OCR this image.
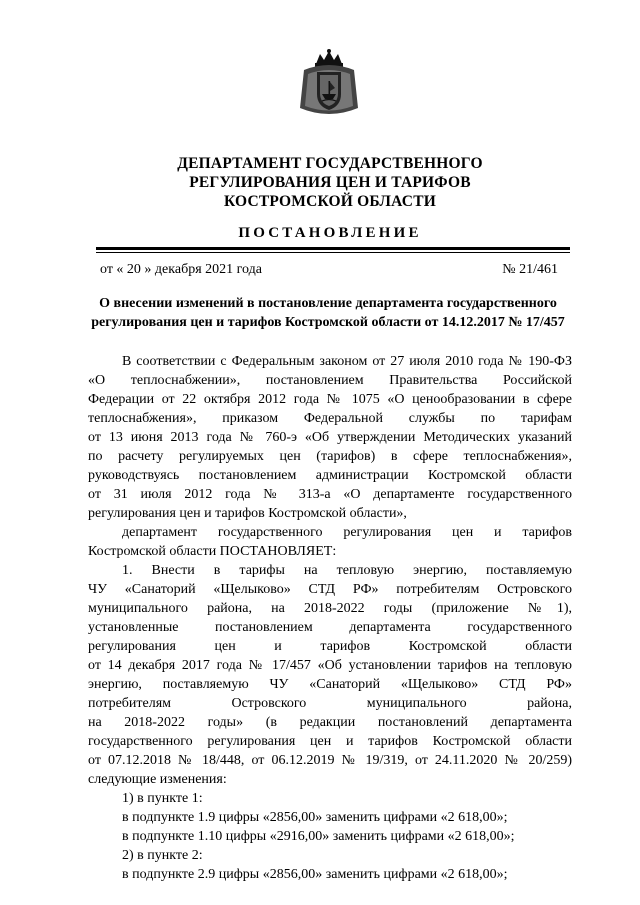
ДЕПАРТАМЕНТ ГОСУДАРСТВЕННОГО
РЕГУЛИРОВАНИЯ ЦЕН И ТАРИФОВ
КОСТРОМСКОЙ ОБЛАСТИ
ПОСТАНОВЛЕНИЕ
от « 20 » декабря 2021 года	№ 21/461
О внесении изменений в постановление департамента государственного
регулирования цен и тарифов Костромской области от 14.12.2017 № 17/457
В соответствии с Федеральным законом от 27 июля 2010 года № 190-ФЗ
«О теплоснабжении», постановлением Правительства Российской
Федерации от 22 октября 2012 года № 1075 «О ценообразовании в сфере
теплоснабжения», приказом Федеральной службы по тарифам
от 13 июня 2013 года № 760-э «Об утверждении Методических указаний
по расчету регулируемых цен (тарифов) в сфере теплоснабжения»,
руководствуясь постановлением администрации Костромской области
от 31 июля 2012 года № 313-а «О департаменте государственного
регулирования цен и тарифов Костромской области»,
департамент государственного регулирования цен и тарифов
Костромской области ПОСТАНОВЛЯЕТ:
1. Внести в тарифы на тепловую энергию, поставляемую
ЧУ «Санаторий «Щелыково» СТД РФ» потребителям Островского
муниципального района, на 2018-2022 годы (приложение №1),
установленные постановлением департамента государственного
регулирования цен и тарифов Костромской области
от 14 декабря 2017 года № 17/457 «Об установлении тарифов на тепловую
энергию, поставляемую ЧУ «Санаторий «Щелыково» СТД РФ»
потребителям Островского муниципального района,
на 2018-2022 годы» (в редакции постановлений департамента
государственного регулирования цен и тарифов Костромской области
от 07.12.2018 № 18/448, от 06.12.2019 № 19/319, от 24.11.2020 № 20/259)
следующие изменения:
1) в пункте 1:
в подпункте 1.9 цифры «2856,00» заменить цифрами «2 618,00»;
в подпункте 1.10 цифры «2916,00» заменить цифрами «2 618,00»;
2) в пункте 2:
в подпункте 2.9 цифры «2856,00» заменить цифрами «2 618,00»;
